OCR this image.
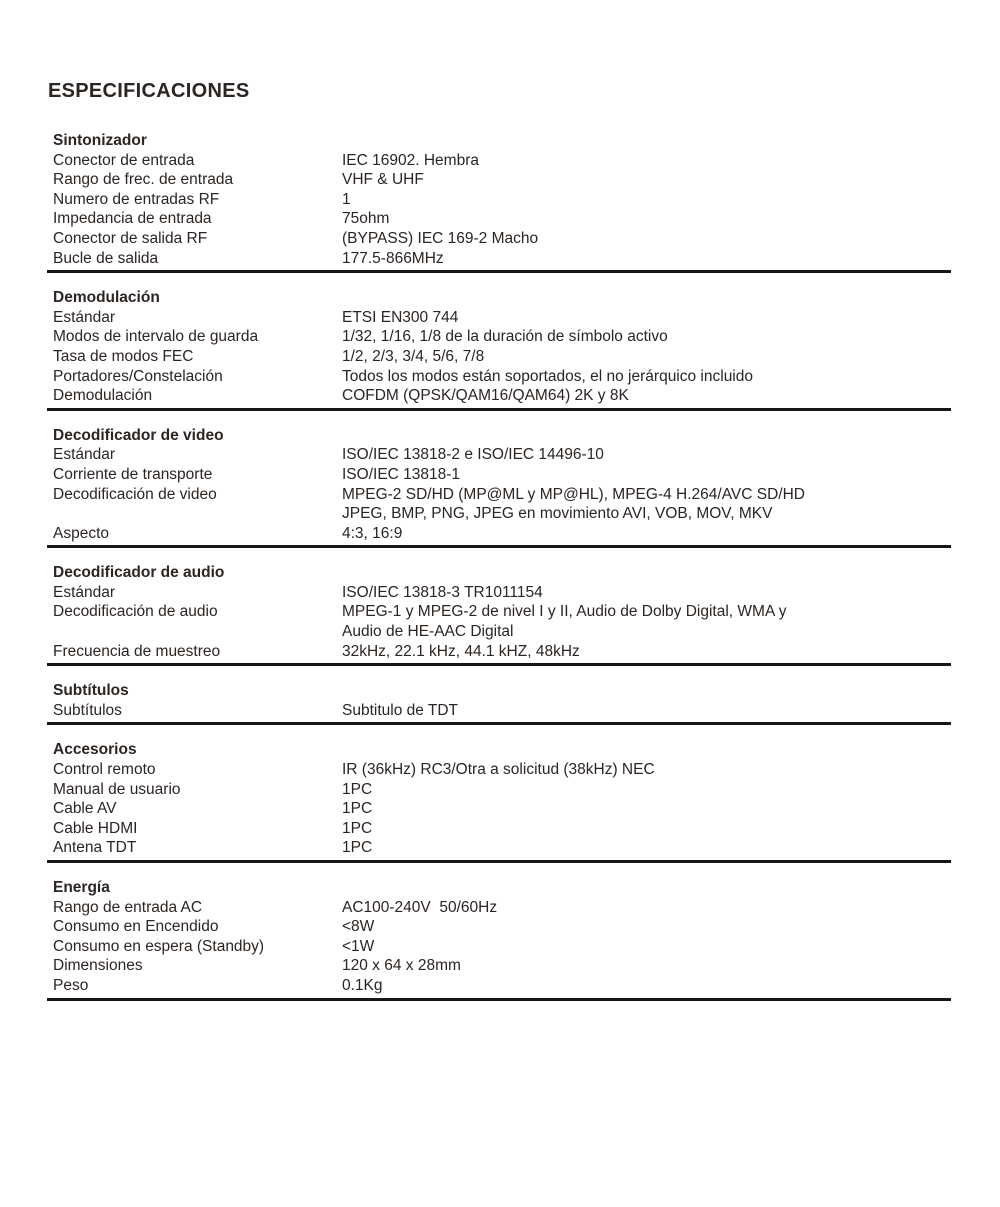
ESPECIFICACIONES
Sintonizador
Conector de entrada	IEC 16902. Hembra
Rango de frec. de entrada	VHF & UHF
Numero de entradas RF	1
Impedancia de entrada	75ohm
Conector de salida RF	(BYPASS) IEC 169-2 Macho
Bucle de salida	177.5-866MHz
Demodulación
Estándar	ETSI EN300 744
Modos de intervalo de guarda	1/32, 1/16, 1/8 de la duración de símbolo activo
Tasa de modos FEC	1/2, 2/3, 3/4, 5/6, 7/8
Portadores/Constelación	Todos los modos están soportados, el no jerárquico incluido
Demodulación	COFDM (QPSK/QAM16/QAM64) 2K y 8K
Decodificador de video
Estándar	ISO/IEC 13818-2 e ISO/IEC 14496-10
Corriente de transporte	ISO/IEC 13818-1
Decodificación de video	MPEG-2 SD/HD (MP@ML y MP@HL), MPEG-4 H.264/AVC SD/HD
JPEG, BMP, PNG, JPEG en movimiento AVI, VOB, MOV, MKV
Aspecto	4:3, 16:9
Decodificador de audio
Estándar	ISO/IEC 13818-3 TR1011154
Decodificación de audio	MPEG-1 y MPEG-2 de nivel I y II, Audio de Dolby Digital, WMA y
Audio de HE-AAC Digital
Frecuencia de muestreo	32kHz, 22.1 kHz, 44.1 kHZ, 48kHz
Subtítulos
Subtítulos	Subtitulo de TDT
Accesorios
Control remoto	IR (36kHz) RC3/Otra a solicitud (38kHz) NEC
Manual de usuario	1PC
Cable AV	1PC
Cable HDMI	1PC
Antena TDT	1PC
Energía
Rango de entrada AC	AC100-240V  50/60Hz
Consumo en Encendido	<8W
Consumo en espera (Standby)	<1W
Dimensiones	120 x 64 x 28mm
Peso	0.1Kg
